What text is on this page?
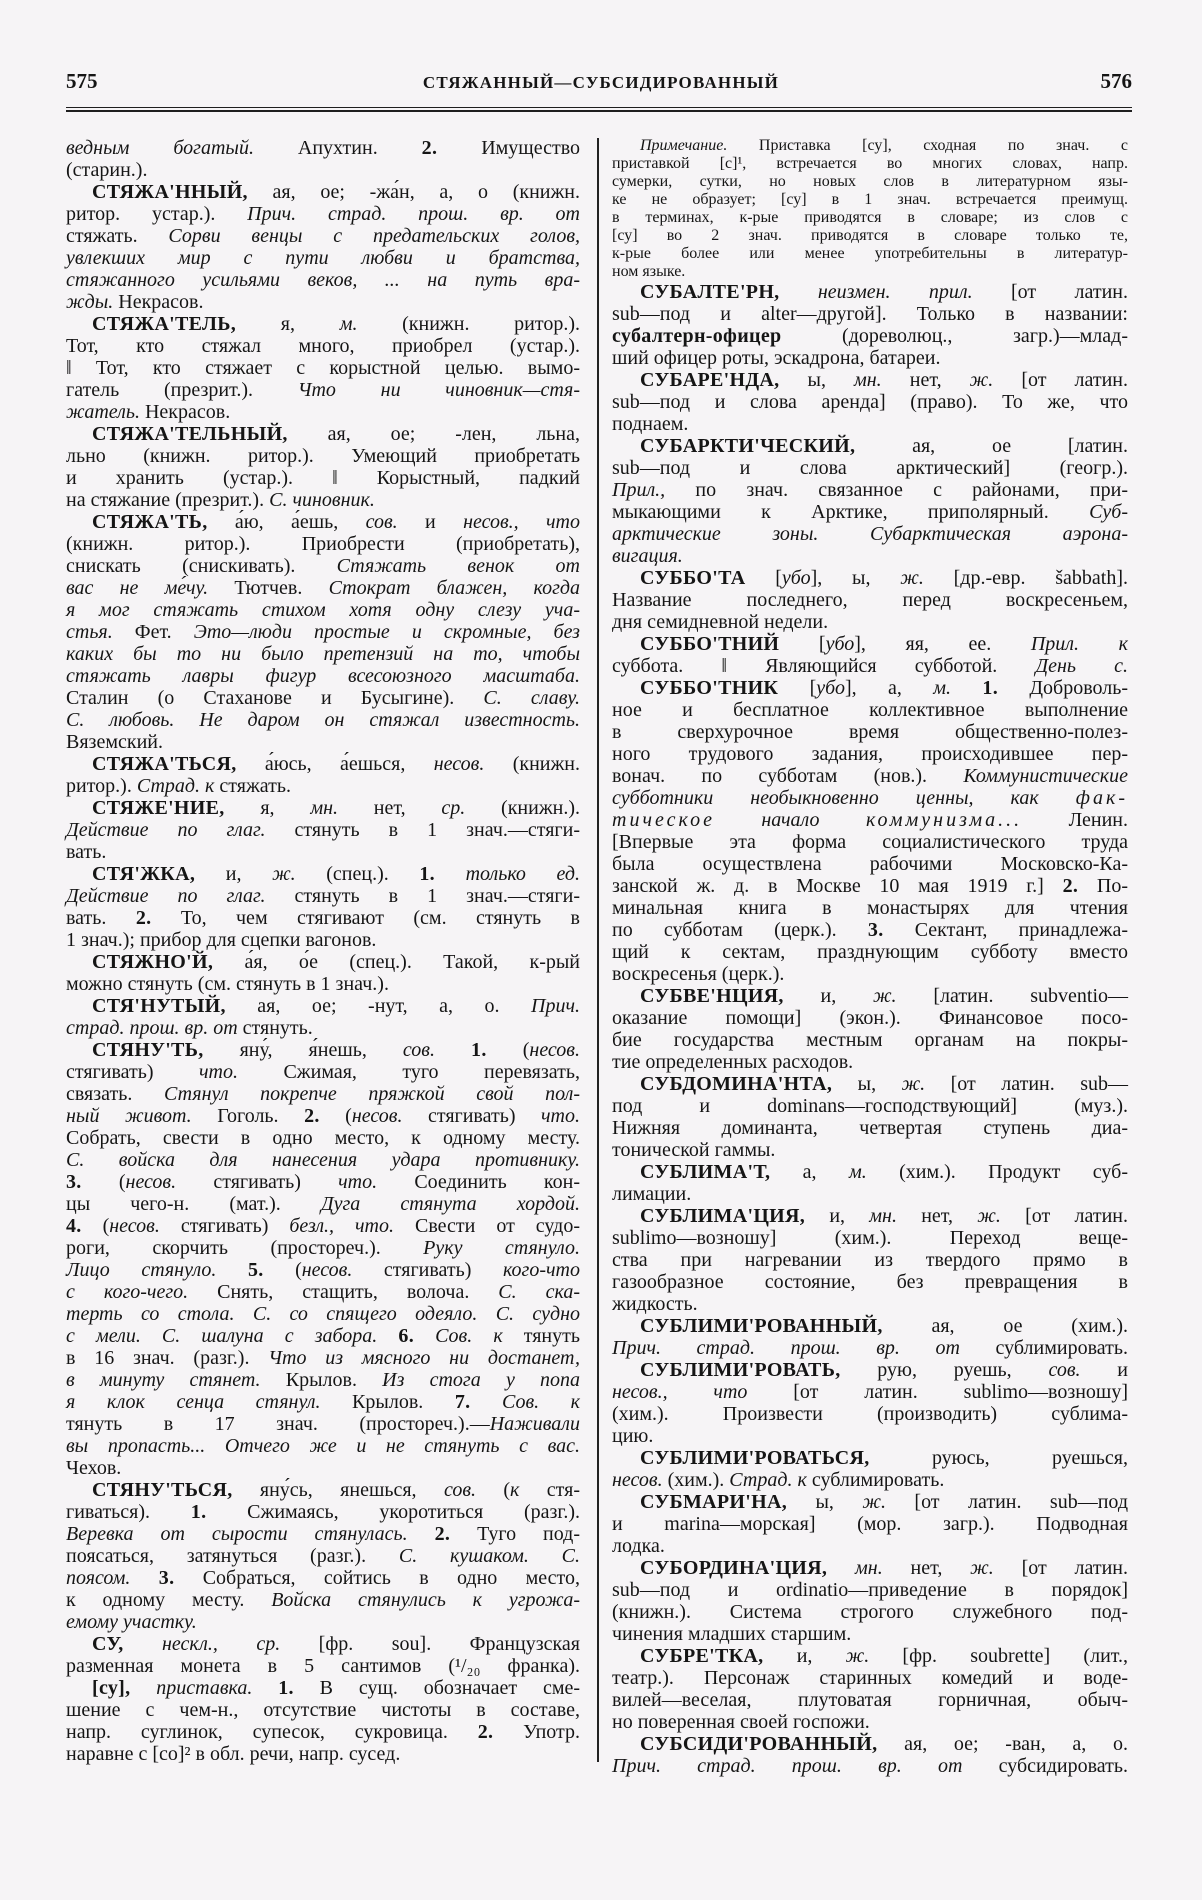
575	СТЯЖАННЫЙ—СУБСИДИРОВАННЫЙ	576
ведным богатый. Апухтин. 2. Имущество
(старин.).
СТЯЖА'ННЫЙ, ая, ое; -жа́н, а, о (книжн.
ритор. устар.). Прич. страд. прош. вр. от
стяжать. Сорви венцы с предательских голов,
увлекших мир с пути любви и братства,
стяжанного усильями веков, ... на путь вра-
жды. Некрасов.
СТЯЖА'ТЕЛЬ, я, м. (книжн. ритор.).
Тот, кто стяжал много, приобрел (устар.).
‖ Тот, кто стяжает с корыстной целью. вымо-
гатель (презрит.). Что ни чиновник—стя-
жатель. Некрасов.
СТЯЖА'ТЕЛЬНЫЙ, ая, ое; -лен, льна,
льно (книжн. ритор.). Умеющий приобретать
и хранить (устар.). ‖ Корыстный, падкий
на стяжание (презрит.). С. чиновник.
СТЯЖА'ТЬ, а́ю, а́ешь, сов. и несов., что
(книжн. ритор.). Приобрести (приобретать),
снискать (снискивать). Стяжать венок от
вас не ме́чу. Тютчев. Стократ блажен, когда
я мог стяжать стихом хотя одну слезу уча-
стья. Фет. Это—люди простые и скромные, без
каких бы то ни было претензий на то, чтобы
стяжать лавры фигур всесоюзного масштаба.
Сталин (о Стаханове и Бусыгине). С. славу.
С. любовь. Не даром он стяжал известность.
Вяземский.
СТЯЖА'ТЬСЯ, а́юсь, а́ешься, несов. (книжн.
ритор.). Страд. к стяжать.
СТЯЖЕ'НИЕ, я, мн. нет, ср. (книжн.).
Действие по глаг. стянуть в 1 знач.—стяги-
вать.
СТЯ'ЖКА, и, ж. (спец.). 1. только ед.
Действие по глаг. стянуть в 1 знач.—стяги-
вать. 2. То, чем стягивают (см. стянуть в
1 знач.); прибор для сцепки вагонов.
СТЯЖНО'Й, а́я, о́е (спец.). Такой, к-рый
можно стянуть (см. стянуть в 1 знач.).
СТЯ'НУТЫЙ, ая, ое; -нут, а, о. Прич.
страд. прош. вр. от стянуть.
СТЯНУ'ТЬ, яну́, я́нешь, сов. 1. (несов.
стягивать) что. Сжимая, туго перевязать,
связать. Стянул покрепче пряжкой свой пол-
ный живот. Гоголь. 2. (несов. стягивать) что.
Собрать, свести в одно место, к одному месту.
С. войска для нанесения удара противнику.
3. (несов. стягивать) что. Соединить кон-
цы чего-н. (мат.). Дуга стянута хордой.
4. (несов. стягивать) безл., что. Свести от судо-
роги, скорчить (простореч.). Руку стянуло.
Лицо стянуло. 5. (несов. стягивать) кого-что
с кого-чего. Снять, стащить, волоча. С. ска-
терть со стола. С. со спящего одеяло. С. судно
с мели. С. шалуна с забора. 6. Сов. к тянуть
в 16 знач. (разг.). Что из мясного ни достанет,
в минуту стянет. Крылов. Из стога у попа
я клок сенца стянул. Крылов. 7. Сов. к
тянуть в 17 знач. (простореч.).—Наживали
вы пропасть... Отчего же и не стянуть с вас.
Чехов.
СТЯНУ'ТЬСЯ, яну́сь, янешься, сов. (к стя-
гиваться). 1. Сжимаясь, укоротиться (разг.).
Веревка от сырости стянулась. 2. Туго под-
поясаться, затянуться (разг.). С. кушаком. С.
поясом. 3. Собраться, сойтись в одно место,
к одному месту. Войска стянулись к угрожа-
емому участку.
СУ, нескл., ср. [фр. sou]. Французская
разменная монета в 5 сантимов (¹/₂₀ франка).
[су], приставка. 1. В сущ. обозначает сме-
шение с чем-н., отсутствие чистоты в составе,
напр. суглинок, супесок, сукровица. 2. Употр.
наравне с [со]² в обл. речи, напр. сусед.
Примечание. Приставка [су], сходная по знач. с
приставкой [с]¹, встречается во многих словах, напр.
сумерки, сутки, но новых слов в литературном язы-
ке не образует; [су] в 1 знач. встречается преимущ.
в терминах, к-рые приводятся в словаре; из слов с
[су] во 2 знач. приводятся в словаре только те,
к-рые более или менее употребительны в литератур-
ном языке.
СУБАЛТЕ'РН, неизмен. прил. [от латин.
sub—под и alter—другой]. Только в названии:
субалтерн-офицер (дореволюц., загр.)—млад-
ший офицер роты, эскадрона, батареи.
СУБАРЕ'НДА, ы, мн. нет, ж. [от латин.
sub—под и слова аренда] (право). То же, что
поднаем.
СУБАРКТИ'ЧЕСКИЙ, ая, ое [латин.
sub—под и слова арктический] (геогр.).
Прил., по знач. связанное с районами, при-
мыкающими к Арктике, приполярный. Суб-
арктические зоны. Субарктическая аэрона-
вигация.
СУББО'ТА [убо], ы, ж. [др.-евр. šabbath].
Название последнего, перед воскресеньем,
дня семидневной недели.
СУББО'ТНИЙ [убо], яя, ее. Прил. к
суббота. ‖ Являющийся субботой. День с.
СУББО'ТНИК [убо], а, м. 1. Доброволь-
ное и бесплатное коллективное выполнение
в сверхурочное время общественно-полез-
ного трудового задания, происходившее пер-
вонач. по субботам (нов.). Коммунистические
субботники необыкновенно ценны, как фак-
тическое начало коммунизма... Ленин.
[Впервые эта форма социалистического труда
была осуществлена рабочими Московско-Ка-
занской ж. д. в Москве 10 мая 1919 г.] 2. По-
минальная книга в монастырях для чтения
по субботам (церк.). 3. Сектант, принадлежа-
щий к сектам, празднующим субботу вместо
воскресенья (церк.).
СУБВЕ'НЦИЯ, и, ж. [латин. subventio—
оказание помощи] (экон.). Финансовое посо-
бие государства местным органам на покры-
тие определенных расходов.
СУБДОМИНА'НТА, ы, ж. [от латин. sub—
под и dominans—господствующий] (муз.).
Нижняя доминанта, четвертая ступень диа-
тонической гаммы.
СУБЛИМА'Т, а, м. (хим.). Продукт суб-
лимации.
СУБЛИМА'ЦИЯ, и, мн. нет, ж. [от латин.
sublimo—возношу] (хим.). Переход веще-
ства при нагревании из твердого прямо в
газообразное состояние, без превращения в
жидкость.
СУБЛИМИ'РОВАННЫЙ, ая, ое (хим.).
Прич. страд. прош. вр. от сублимировать.
СУБЛИМИ'РОВАТЬ, рую, руешь, сов. и
несов., что [от латин. sublimo—возношу]
(хим.). Произвести (производить) сублима-
цию.
СУБЛИМИ'РОВАТЬСЯ, руюсь, руешься,
несов. (хим.). Страд. к сублимировать.
СУБМАРИ'НА, ы, ж. [от латин. sub—под
и marina—морская] (мор. загр.). Подводная
лодка.
СУБОРДИНА'ЦИЯ, мн. нет, ж. [от латин.
sub—под и ordinatio—приведение в порядок]
(книжн.). Система строгого служебного под-
чинения младших старшим.
СУБРЕ'ТКА, и, ж. [фр. soubrette] (лит.,
театр.). Персонаж старинных комедий и воде-
вилей—веселая, плутоватая горничная, обыч-
но поверенная своей госпожи.
СУБСИДИ'РОВАННЫЙ, ая, ое; -ван, а, о.
Прич. страд. прош. вр. от субсидировать.
